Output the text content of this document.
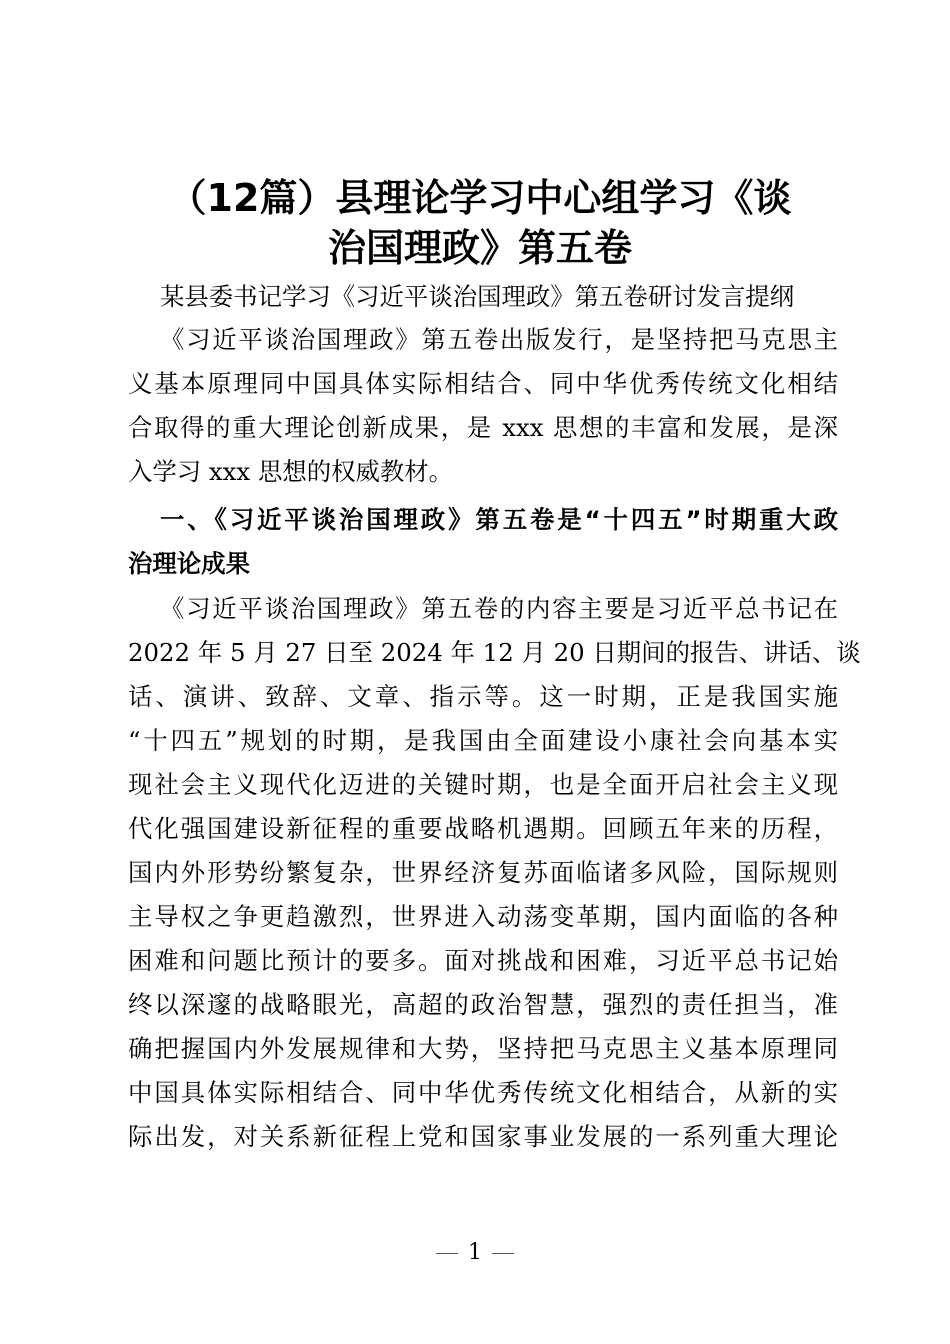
（12篇）县理论学习中心组学习《谈
治国理政》第五卷
某县委书记学习《习近平谈治国理政》第五卷研讨发言提纲
《习近平谈治国理政》第五卷出版发行，是坚持把马克思主
义基本原理同中国具体实际相结合、同中华优秀传统文化相结
合取得的重大理论创新成果，是 xxx 思想的丰富和发展，是深
入学习 xxx 思想的权威教材。
一、《习近平谈治国理政》第五卷是“十四五”时期重大政
治理论成果
《习近平谈治国理政》第五卷的内容主要是习近平总书记在
2022 年 5 月 27 日至 2024 年 12 月 20 日期间的报告、讲话、谈
话、演讲、致辞、文章、指示等。这一时期，正是我国实施
“十四五”规划的时期，是我国由全面建设小康社会向基本实
现社会主义现代化迈进的关键时期，也是全面开启社会主义现
代化强国建设新征程的重要战略机遇期。回顾五年来的历程，
国内外形势纷繁复杂，世界经济复苏面临诸多风险，国际规则
主导权之争更趋激烈，世界进入动荡变革期，国内面临的各种
困难和问题比预计的要多。面对挑战和困难，习近平总书记始
终以深邃的战略眼光，高超的政治智慧，强烈的责任担当，准
确把握国内外发展规律和大势，坚持把马克思主义基本原理同
中国具体实际相结合、同中华优秀传统文化相结合，从新的实
际出发，对关系新征程上党和国家事业发展的一系列重大理论
1
